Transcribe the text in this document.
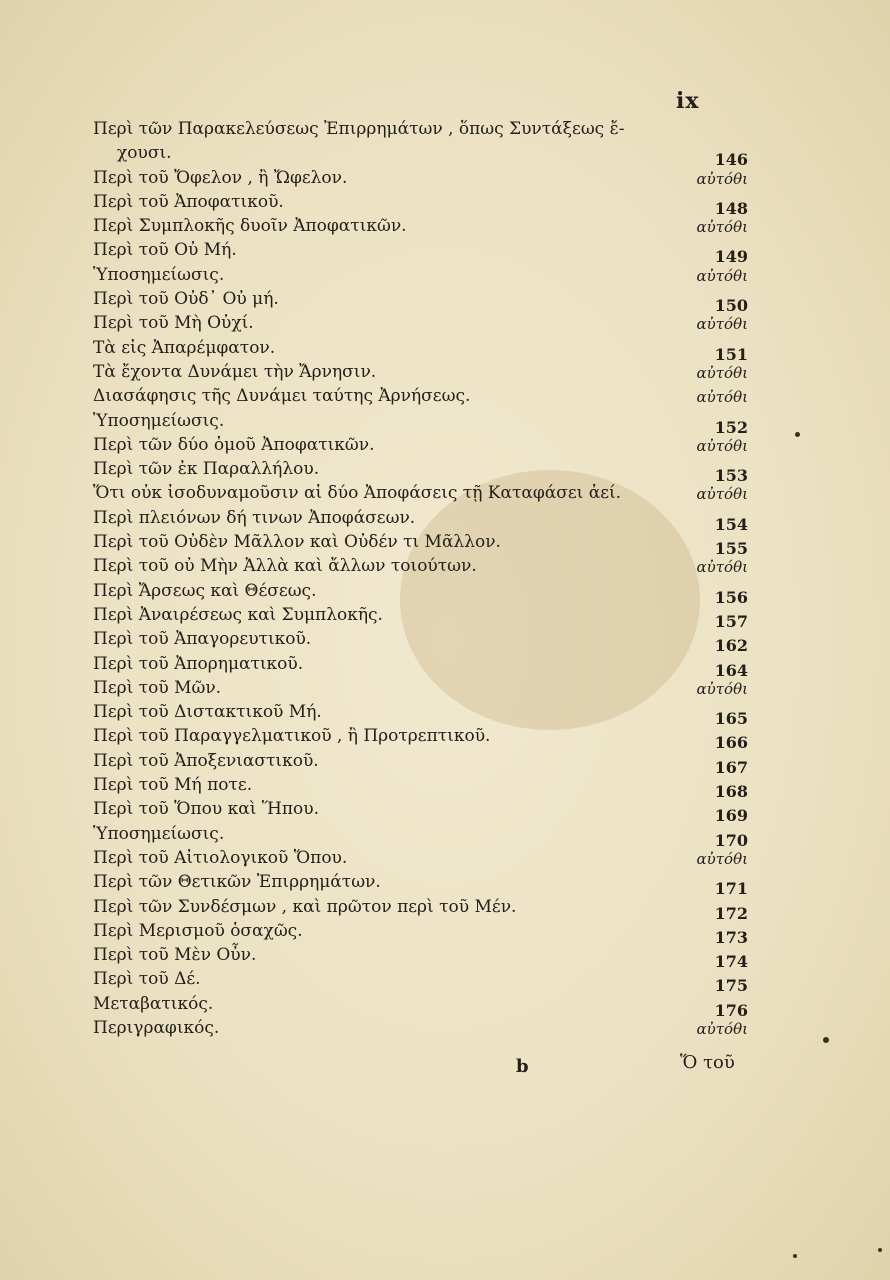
ix
Περὶ τῶν Παρακελεύσεως Ἐπιρρημάτων , ὅπως Συντάξεως ἔ-
χουσι.	146
Περὶ τοῦ Ὄφελον , ἢ Ὤφελον.	αὐτόθι
Περὶ τοῦ Ἀποφατικοῦ.	148
Περὶ Συμπλοκῆς δυοῖν Ἀποφατικῶν.	αὐτόθι
Περὶ τοῦ Οὐ Μή.	149
Ὑποσημείωσις.	αὐτόθι
Περὶ τοῦ Οὐδ᾽ Οὐ μή.	150
Περὶ τοῦ Μὴ Οὐχί.	αὐτόθι
Τὰ εἰς Ἀπαρέμφατον.	151
Τὰ ἔχοντα Δυνάμει τὴν Ἄρνησιν.	αὐτόθι
Διασάφησις τῆς Δυνάμει ταύτης Ἀρνήσεως.	αὐτόθι
Ὑποσημείωσις.	152
Περὶ τῶν δύο ὁμοῦ Ἀποφατικῶν.	αὐτόθι
Περὶ τῶν ἐκ Παραλλήλου.	153
Ὅτι οὐκ ἰσοδυναμοῦσιν αἱ δύο Ἀποφάσεις τῇ Καταφάσει ἀεί.	αὐτόθι
Περὶ πλειόνων δή τινων Ἀποφάσεων.	154
Περὶ τοῦ Οὐδὲν Μᾶλλον καὶ Οὐδέν τι Μᾶλλον.	155
Περὶ τοῦ οὐ Μὴν Ἀλλὰ καὶ ἄλλων τοιούτων.	αὐτόθι
Περὶ Ἄρσεως καὶ Θέσεως.	156
Περὶ Ἀναιρέσεως καὶ Συμπλοκῆς.	157
Περὶ τοῦ Ἀπαγορευτικοῦ.	162
Περὶ τοῦ Ἀπορηματικοῦ.	164
Περὶ τοῦ Μῶν.	αὐτόθι
Περὶ τοῦ Διστακτικοῦ Μή.	165
Περὶ τοῦ Παραγγελματικοῦ , ἢ Προτρεπτικοῦ.	166
Περὶ τοῦ Ἀποξενιαστικοῦ.	167
Περὶ τοῦ Μή ποτε.	168
Περὶ τοῦ Ὅπου καὶ Ἥπου.	169
Ὑποσημείωσις.	170
Περὶ τοῦ Αἰτιολογικοῦ Ὅπου.	αὐτόθι
Περὶ τῶν Θετικῶν Ἐπιρρημάτων.	171
Περὶ τῶν Συνδέσμων , καὶ πρῶτον περὶ τοῦ Μέν.	172
Περὶ Μερισμοῦ ὁσαχῶς.	173
Περὶ τοῦ Μὲν Οὖν.	174
Περὶ τοῦ Δέ.	175
Μεταβατικός.	176
Περιγραφικός.	αὐτόθι
b	Ὅ τοῦ
